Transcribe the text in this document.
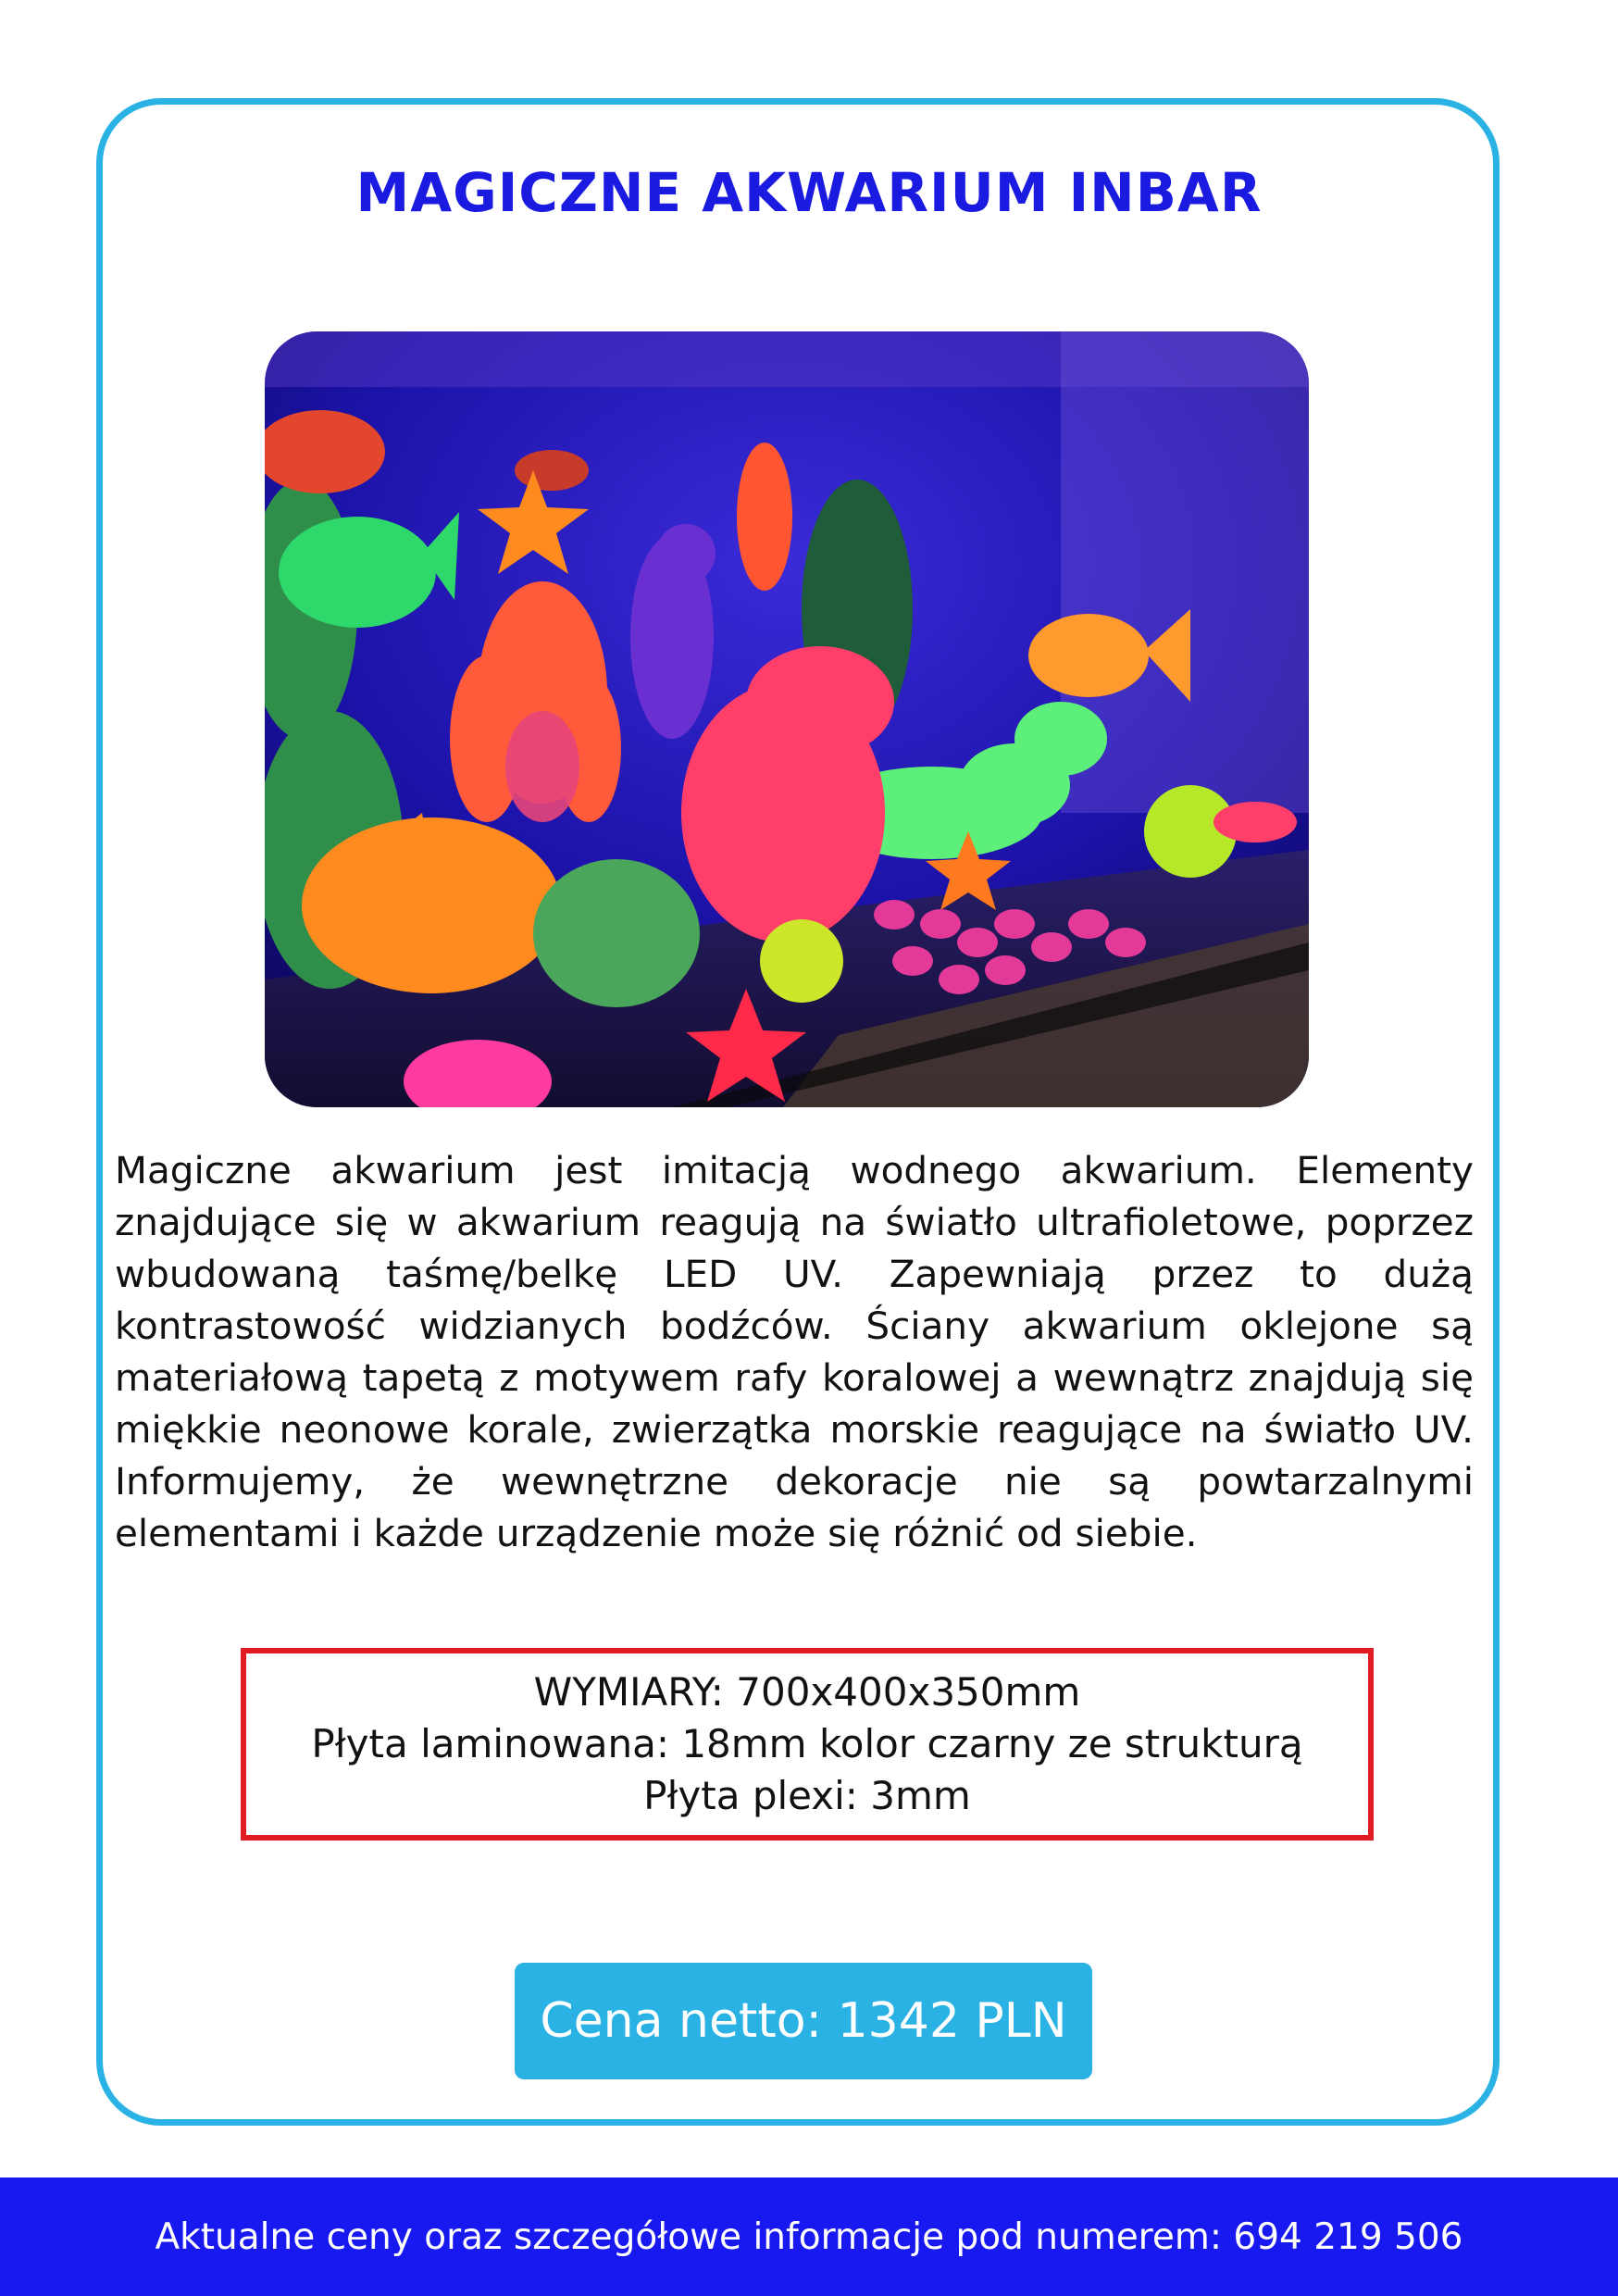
MAGICZNE AKWARIUM INBAR

Magiczne akwarium jest imitacją wodnego akwarium. Elementy znajdujące się w akwarium reagują na światło ultrafioletowe, poprzez wbudowaną taśmę/belkę LED UV. Zapewniają przez to dużą kontrastowość widzianych bodźców. Ściany akwarium oklejone są materiałową tapetą z motywem rafy koralowej a wewnątrz znajdują się miękkie neonowe korale, zwierzątka morskie reagujące na światło UV. Informujemy, że wewnętrzne dekoracje nie są powtarzalnymi elementami i każde urządzenie może się różnić od siebie.

WYMIARY: 700x400x350mm
Płyta laminowana: 18mm kolor czarny ze strukturą
Płyta plexi: 3mm
Cena netto: 1342 PLN
Aktualne ceny oraz szczegółowe informacje pod numerem: 694 219 506
